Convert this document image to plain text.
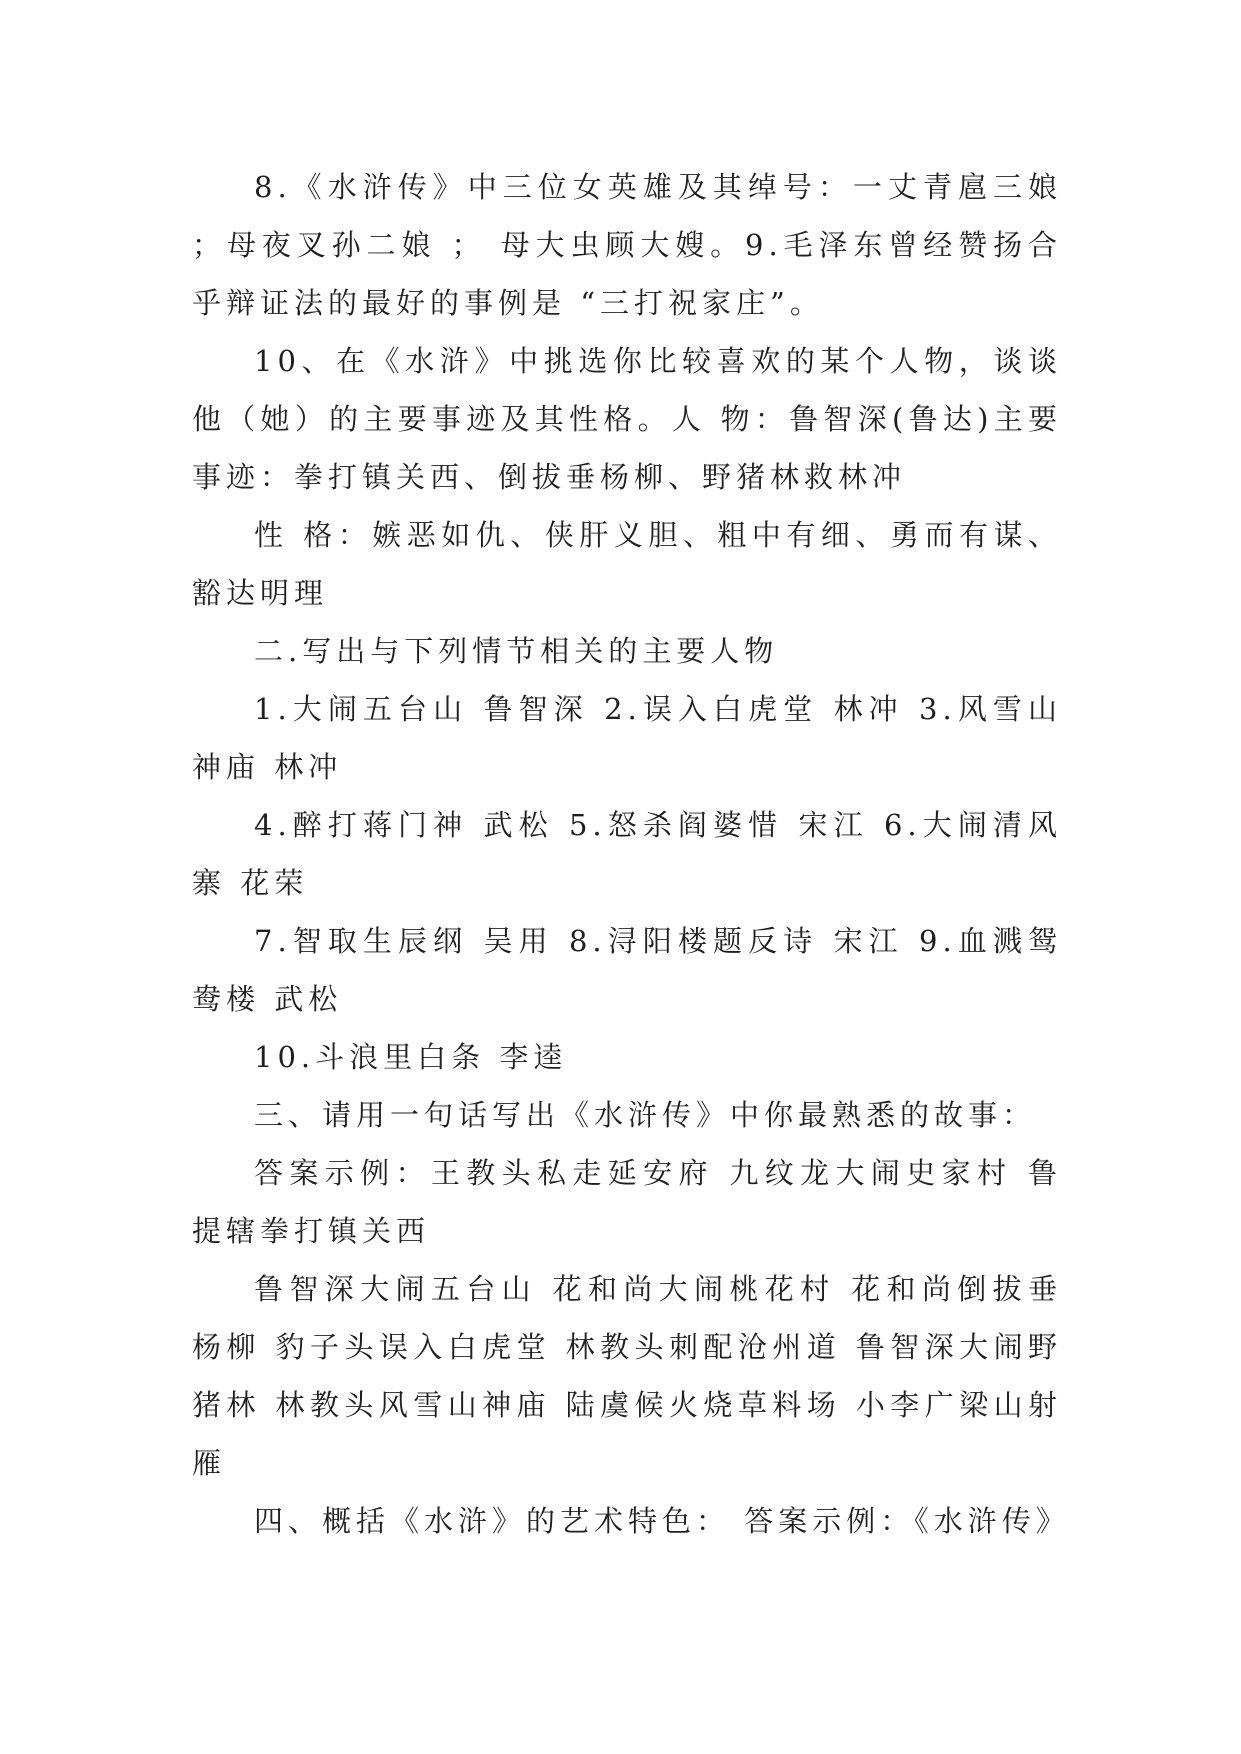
8.《水浒传》中三位女英雄及其绰号：一丈青扈三娘 ；母夜叉孙二娘 ； 母大虫顾大嫂。9.毛泽东曾经赞扬合乎辩证法的最好的事例是 “三打祝家庄”。

10、在《水浒》中挑选你比较喜欢的某个人物，谈谈他（她）的主要事迹及其性格。人 物：鲁智深(鲁达)主要事迹：拳打镇关西、倒拔垂杨柳、野猪林救林冲

性 格：嫉恶如仇、侠肝义胆、粗中有细、勇而有谋、豁达明理

二.写出与下列情节相关的主要人物

1.大闹五台山 鲁智深 2.误入白虎堂 林冲 3.风雪山神庙 林冲

4.醉打蒋门神 武松 5.怒杀阎婆惜 宋江 6.大闹清风寨 花荣

7.智取生辰纲 吴用 8.浔阳楼题反诗 宋江 9.血溅鸳鸯楼 武松

10.斗浪里白条 李逵

三、请用一句话写出《水浒传》中你最熟悉的故事：

答案示例：王教头私走延安府 九纹龙大闹史家村 鲁提辖拳打镇关西

鲁智深大闹五台山 花和尚大闹桃花村 花和尚倒拔垂杨柳 豹子头误入白虎堂 林教头刺配沧州道 鲁智深大闹野猪林 林教头风雪山神庙 陆虞候火烧草料场 小李广梁山射雁

四、概括《水浒》的艺术特色： 答案示例：《水浒传》
